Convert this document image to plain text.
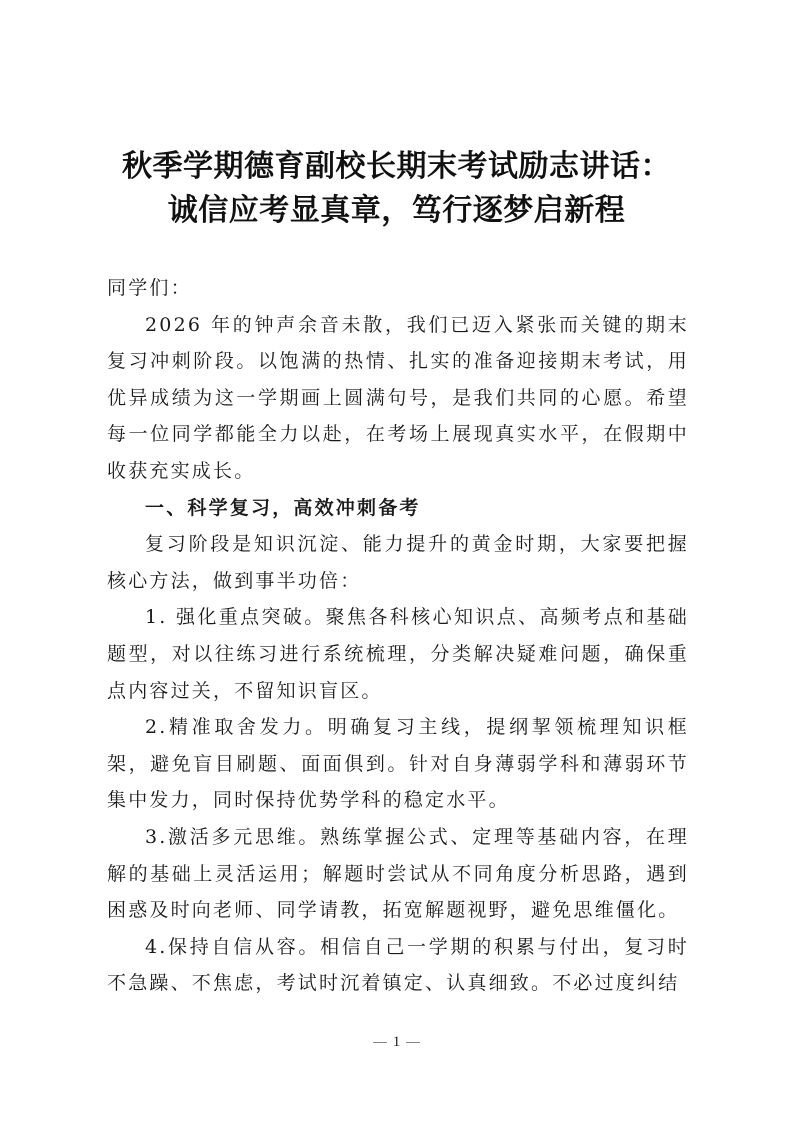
秋季学期德育副校长期末考试励志讲话：
诚信应考显真章，笃行逐梦启新程

同学们：

2026 年的钟声余音未散，我们已迈入紧张而关键的期末复习冲刺阶段。以饱满的热情、扎实的准备迎接期末考试，用优异成绩为这一学期画上圆满句号，是我们共同的心愿。希望每一位同学都能全力以赴，在考场上展现真实水平，在假期中收获充实成长。

一、科学复习，高效冲刺备考

复习阶段是知识沉淀、能力提升的黄金时期，大家要把握核心方法，做到事半功倍：

1. 强化重点突破。聚焦各科核心知识点、高频考点和基础题型，对以往练习进行系统梳理，分类解决疑难问题，确保重点内容过关，不留知识盲区。

2.精准取舍发力。明确复习主线，提纲挈领梳理知识框架，避免盲目刷题、面面俱到。针对自身薄弱学科和薄弱环节集中发力，同时保持优势学科的稳定水平。

3.激活多元思维。熟练掌握公式、定理等基础内容，在理解的基础上灵活运用；解题时尝试从不同角度分析思路，遇到困惑及时向老师、同学请教，拓宽解题视野，避免思维僵化。

4.保持自信从容。相信自己一学期的积累与付出，复习时不急躁、不焦虑，考试时沉着镇定、认真细致。不必过度纠结

1
